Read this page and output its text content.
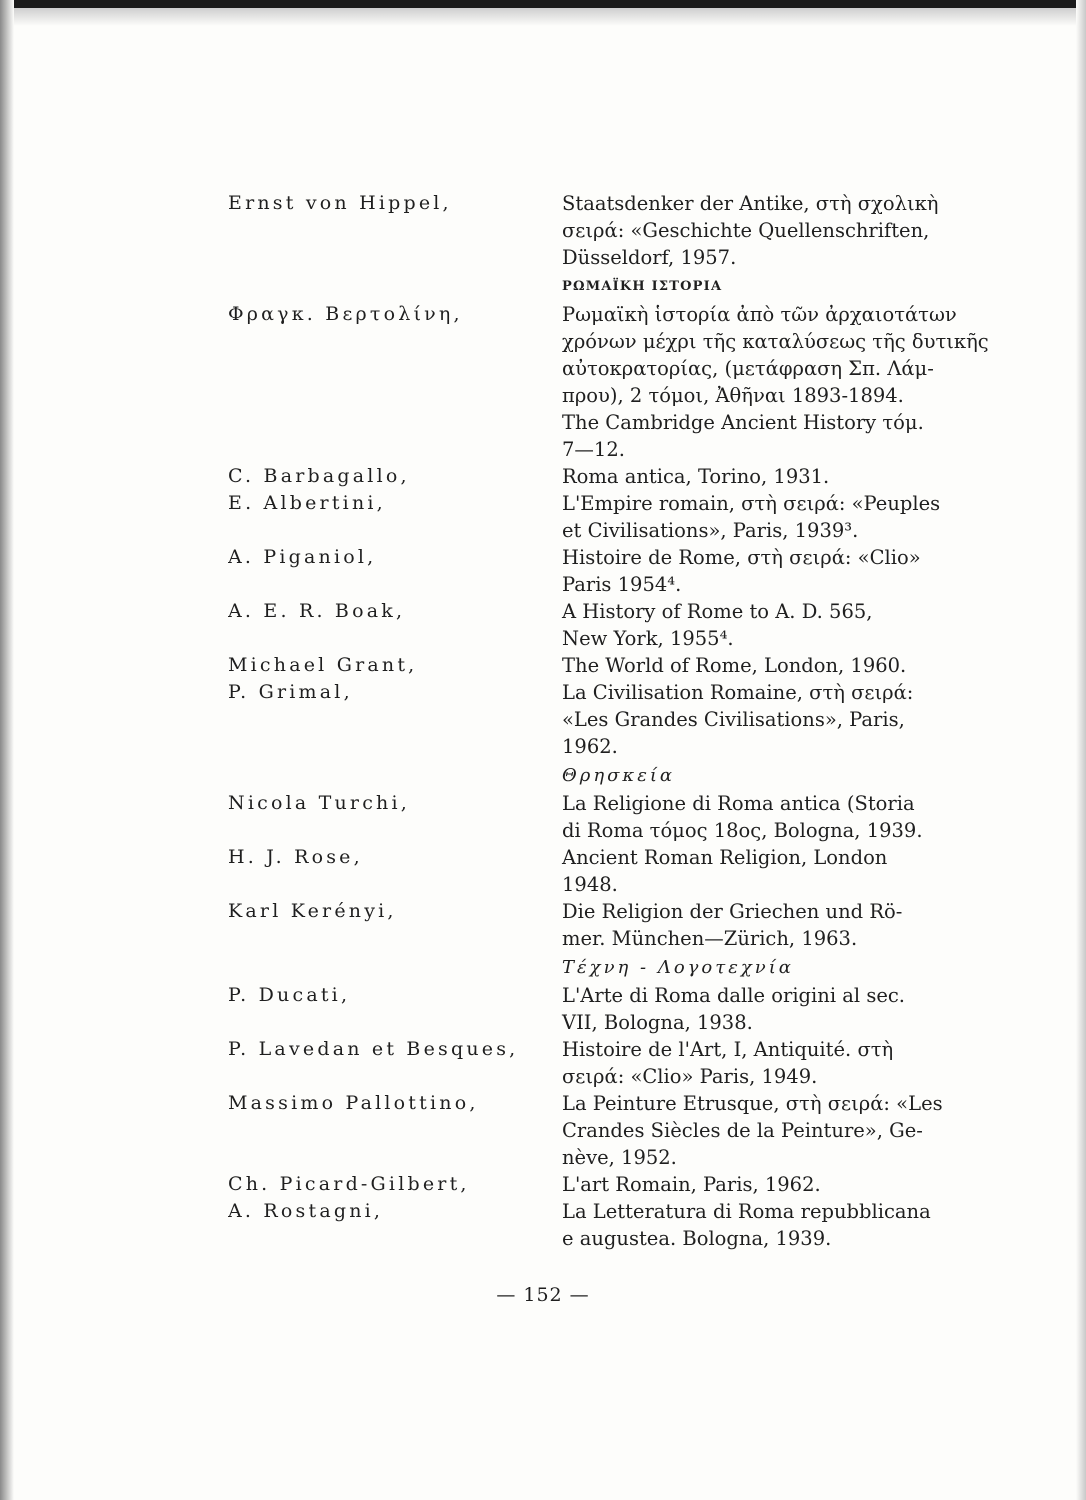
Ernst von Hippel,	Staatsdenker der Antike, στὴ σχολικὴ
σειρά: «Geschichte Quellenschriften,
Düsseldorf, 1957.
ΡΩΜΑΪΚΗ ΙΣΤΟΡΙΑ
Φραγκ. Βερτολίνη,	Ρωμαϊκὴ ἱστορία ἀπὸ τῶν ἀρχαιοτάτων
χρόνων μέχρι τῆς καταλύσεως τῆς δυτικῆς
αὐτοκρατορίας, (μετάφραση Σπ. Λάμ-
πρου), 2 τόμοι, Ἀθῆναι 1893-1894.
The Cambridge Ancient History τόμ.
7—12.
C. Barbagallo,	Roma antica, Torino, 1931.
E. Albertini,	L'Empire romain, στὴ σειρά: «Peuples
et Civilisations», Paris, 1939³.
A. Piganiol,	Histoire de Rome, στὴ σειρά: «Clio»
Paris 1954⁴.
A. E. R. Boak,	A History of Rome to A. D. 565,
New York, 1955⁴.
Michael Grant,	The World of Rome, London, 1960.
P. Grimal,	La Civilisation Romaine, στὴ σειρά:
«Les Grandes Civilisations», Paris,
1962.
Θρησκεία
Nicola Turchi,	La Religione di Roma antica (Storia
di Roma τόμος 18ος, Bologna, 1939.
H. J. Rose,	Ancient Roman Religion, London
1948.
Karl Kerényi,	Die Religion der Griechen und Rö-
mer. München—Zürich, 1963.
Τέχνη - Λογοτεχνία
P. Ducati,	L'Arte di Roma dalle origini al sec.
VII, Bologna, 1938.
P. Lavedan et Besques,	Histoire de l'Art, I, Antiquité. στὴ
σειρά: «Clio» Paris, 1949.
Massimo Pallottino,	La Peinture Etrusque, στὴ σειρά: «Les
Crandes Siècles de la Peinture», Ge-
nève, 1952.
Ch. Picard-Gilbert,	L'art Romain, Paris, 1962.
A. Rostagni,	La Letteratura di Roma repubblicana
e augustea. Bologna, 1939.
— 152 —
